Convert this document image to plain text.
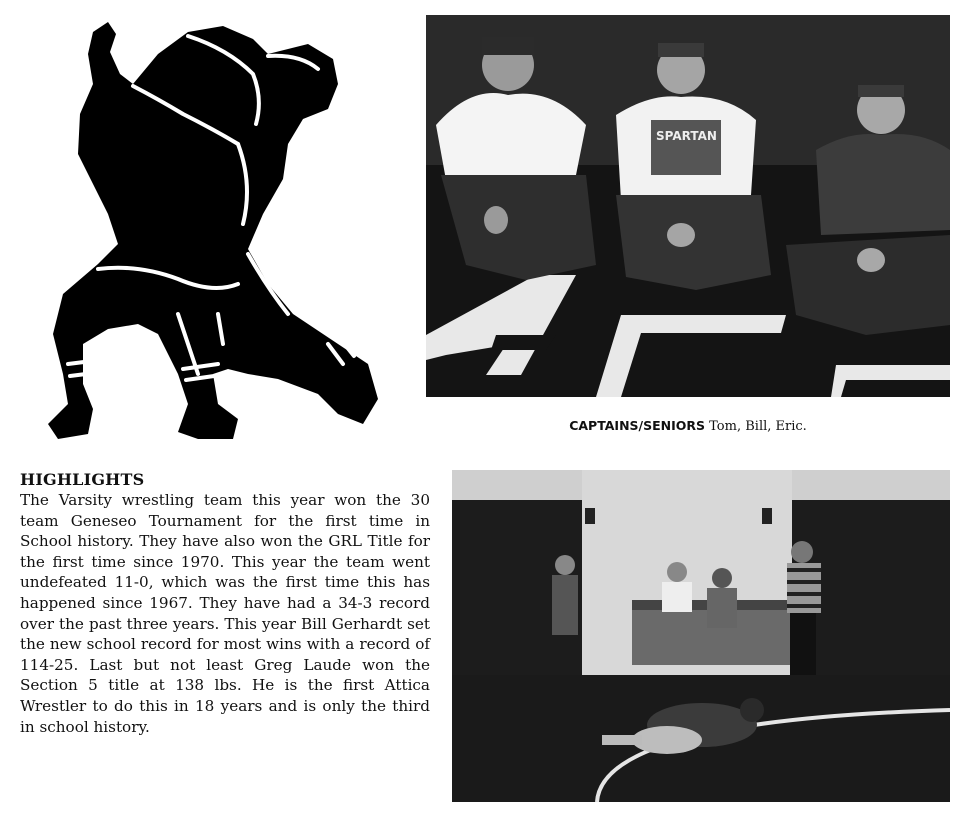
SPARTAN
CAPTAINS/SENIORS Tom, Bill, Eric.
HIGHLIGHTS
The Varsity wrestling team this year won the 30 team Geneseo Tournament for the first time in School history. They have also won the GRL Title for the first time since 1970. This year the team went undefeated 11-0, which was the first time this has happened since 1967. They have had a 34-3 record over the past three years. This year Bill Gerhardt set the new school record for most wins with a record of 114-25. Last but not least Greg Laude won the Section 5 title at 138 lbs. He is the first Attica Wrestler to do this in 18 years and is only the third in school history.
